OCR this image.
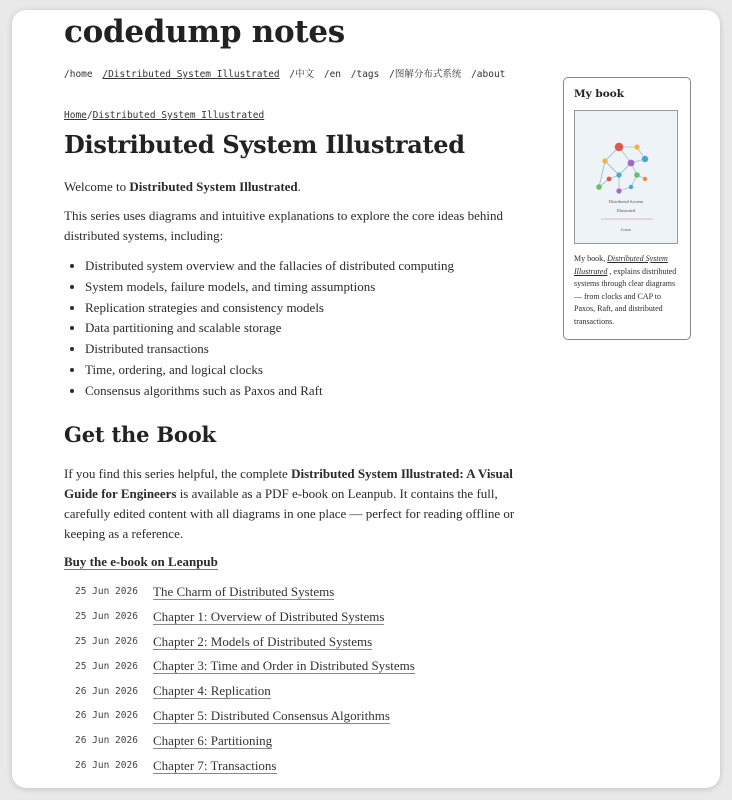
codedump notes
/home /Distributed System Illustrated /中文 /en /tags /图解分布式系统 /about
Home/Distributed System Illustrated
Distributed System Illustrated

Welcome to Distributed System Illustrated.

This series uses diagrams and intuitive explanations to explore the core ideas behind distributed systems, including:

• Distributed system overview and the fallacies of distributed computing
• System models, failure models, and timing assumptions
• Replication strategies and consistency models
• Data partitioning and scalable storage
• Distributed transactions
• Time, ordering, and logical clocks
• Consensus algorithms such as Paxos and Raft
Get the Book

If you find this series helpful, the complete Distributed System Illustrated: A Visual Guide for Engineers is available as a PDF e-book on Leanpub. It contains the full, carefully edited content with all diagrams in one place — perfect for reading offline or keeping as a reference.

Buy the e-book on Leanpub
25 Jun 2026	The Charm of Distributed Systems
25 Jun 2026	Chapter 1: Overview of Distributed Systems
25 Jun 2026	Chapter 2: Models of Distributed Systems
25 Jun 2026	Chapter 3: Time and Order in Distributed Systems
26 Jun 2026	Chapter 4: Replication
26 Jun 2026	Chapter 5: Distributed Consensus Algorithms
26 Jun 2026	Chapter 6: Partitioning
26 Jun 2026	Chapter 7: Transactions
My book
Distributed System
Illustrated
Lixian

My book, Distributed System Illustrated , explains distributed systems through clear diagrams — from clocks and CAP to Paxos, Raft, and distributed transactions.
